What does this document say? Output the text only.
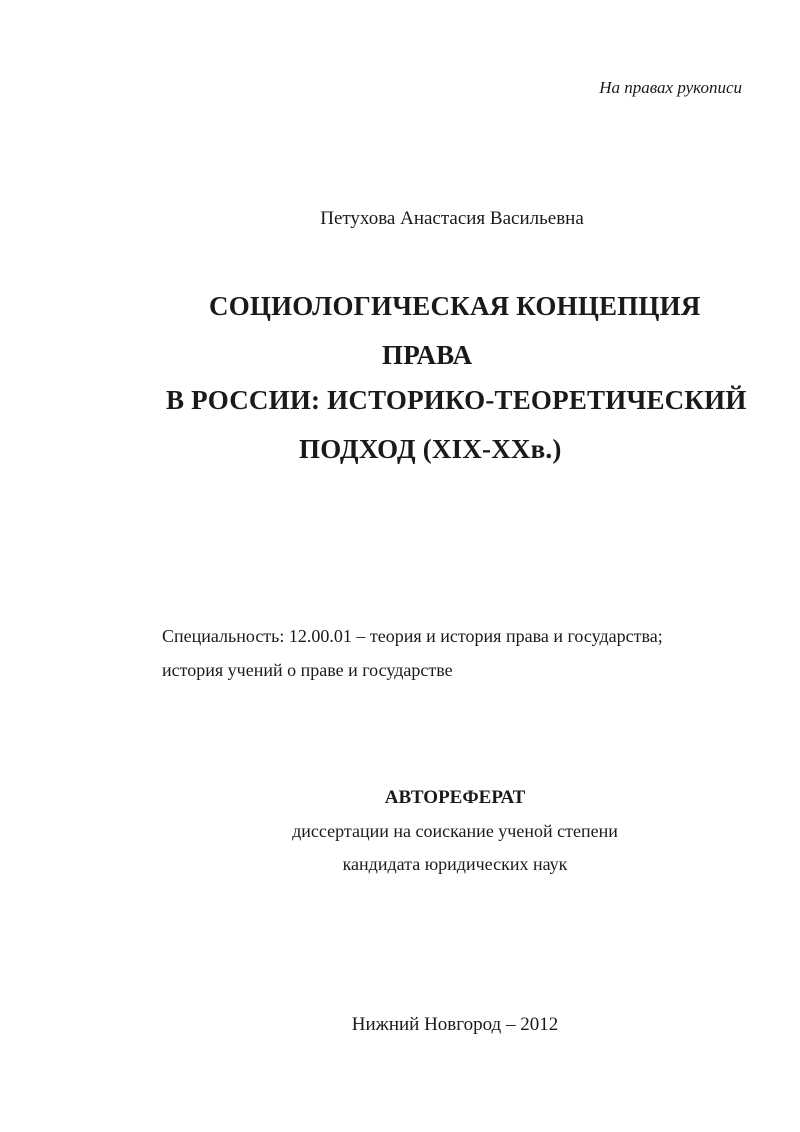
На правах рукописи
Петухова Анастасия Васильевна
СОЦИОЛОГИЧЕСКАЯ КОНЦЕПЦИЯ
ПРАВА
В РОССИИ: ИСТОРИКО-ТЕОРЕТИЧЕСКИЙ
ПОДХОД (XIX-XXв.)
Специальность: 12.00.01 – теория и история права и государства;
история учений о праве и государстве
АВТОРЕФЕРАТ
диссертации на соискание ученой степени
кандидата юридических наук
Нижний Новгород – 2012
